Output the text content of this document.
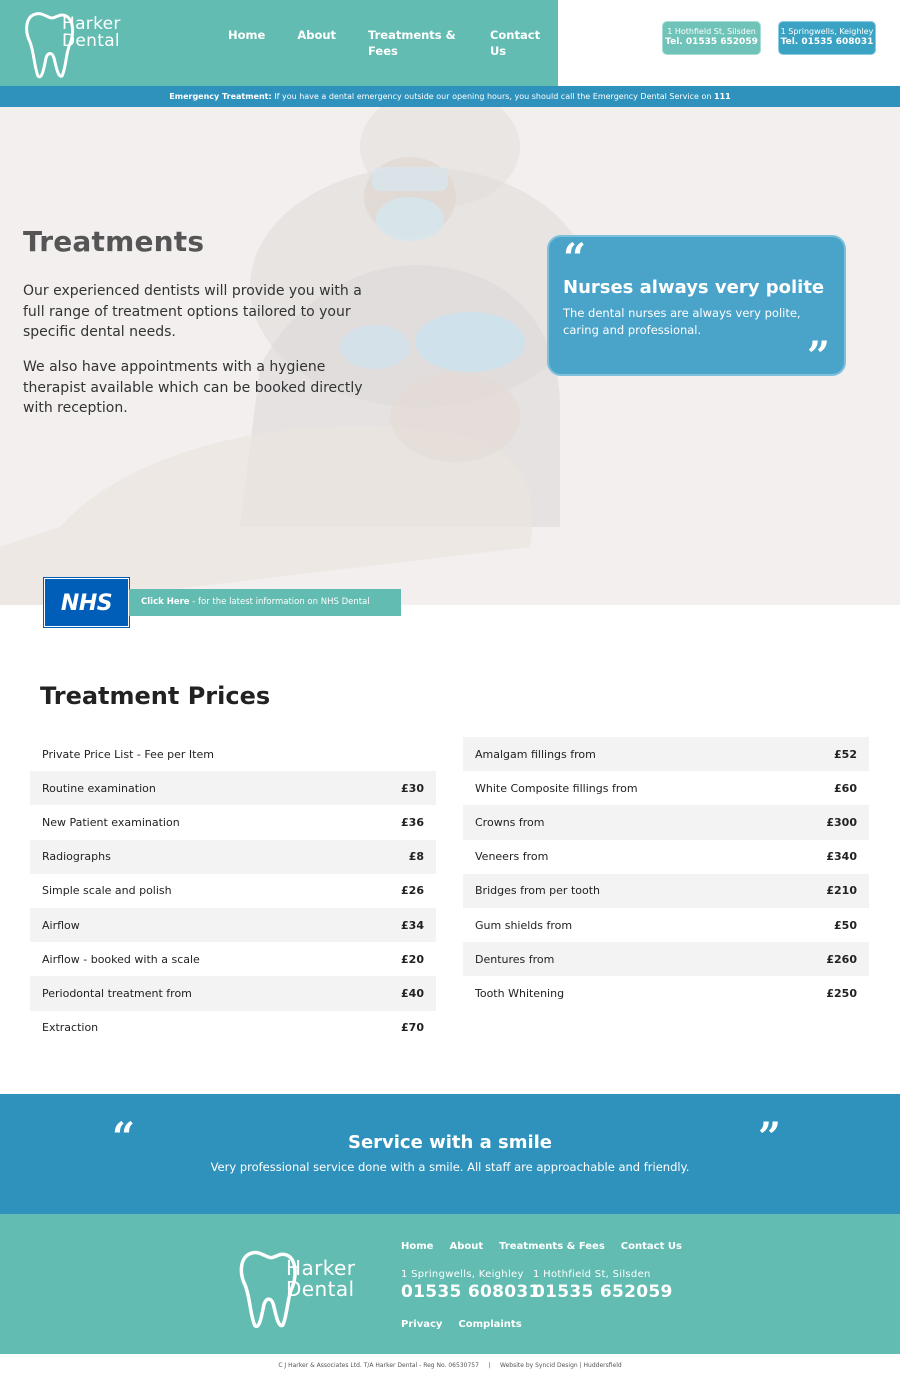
Harker
Dental	Home	About	Treatments & Fees
Contact Us
1 Hothfield St, Silsden
Tel. 01535 652059
1 Springwells, Keighley
Tel. 01535 608031
Emergency Treatment: If you have a dental emergency outside our opening hours, you should call the Emergency Dental Service on 111
Treatments

Our experienced dentists will provide you with a full range of treatment options tailored to your specific dental needs.

We also have appointments with a hygiene therapist available which can be booked directly with reception.

“
Nurses always very polite
The dental nurses are always very polite, caring and professional.
”
NHS	Click Here - for the latest information on NHS Dental charges.
Treatment Prices
Private Price List - Fee per Item
Routine examination	£30
New Patient examination	£36
Radiographs	£8
Simple scale and polish	£26
Airflow	£34
Airflow - booked with a scale	£20
Periodontal treatment from	£40
Extraction	£70
Amalgam fillings from	£52
White Composite fillings from	£60
Crowns from	£300
Veneers from	£340
Bridges from per tooth	£210
Gum shields from	£50
Dentures from	£260
Tooth Whitening	£250
“	Service with a smile
Very professional service done with a smile. All staff are approachable and friendly.
”
Harker
Dental
Home About Treatments & Fees Contact Us
1 Springwells, Keighley
01535 608031
1 Hothfield St, Silsden
01535 652059
Privacy Complaints
C J Harker & Associates Ltd. T/A Harker Dental - Reg No. 06530757 | Website by Syncid Design | Huddersfield
